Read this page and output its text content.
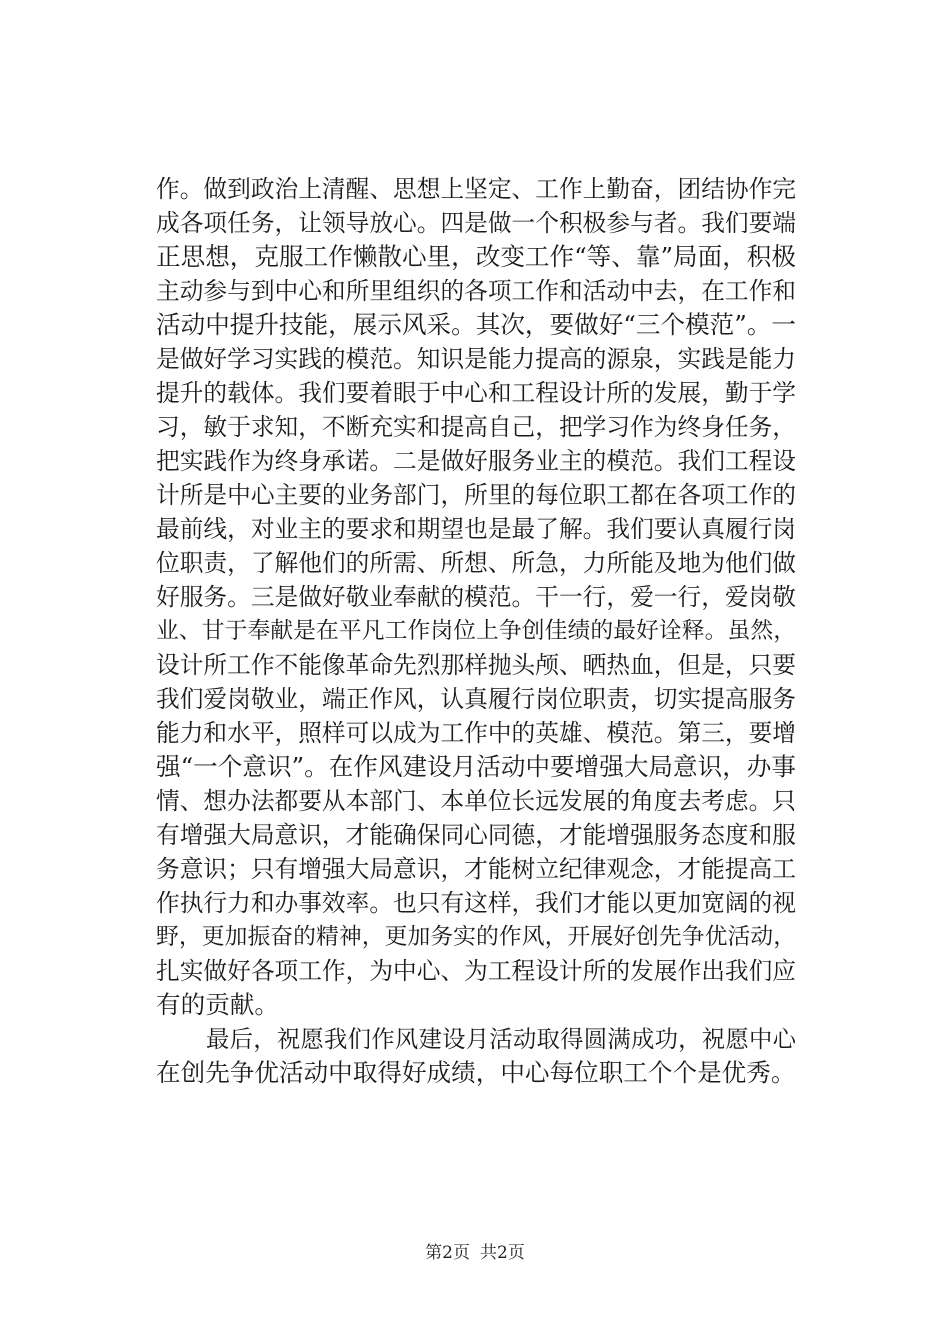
作。做到政治上清醒、思想上坚定、工作上勤奋，团结协作完
成各项任务，让领导放心。四是做一个积极参与者。我们要端
正思想，克服工作懒散心里，改变工作“等、靠”局面，积极
主动参与到中心和所里组织的各项工作和活动中去，在工作和
活动中提升技能，展示风采。其次，要做好“三个模范”。一
是做好学习实践的模范。知识是能力提高的源泉，实践是能力
提升的载体。我们要着眼于中心和工程设计所的发展，勤于学
习，敏于求知，不断充实和提高自己，把学习作为终身任务，
把实践作为终身承诺。二是做好服务业主的模范。我们工程设
计所是中心主要的业务部门，所里的每位职工都在各项工作的
最前线，对业主的要求和期望也是最了解。我们要认真履行岗
位职责，了解他们的所需、所想、所急，力所能及地为他们做
好服务。三是做好敬业奉献的模范。干一行，爱一行，爱岗敬
业、甘于奉献是在平凡工作岗位上争创佳绩的最好诠释。虽然，
设计所工作不能像革命先烈那样抛头颅、晒热血，但是，只要
我们爱岗敬业，端正作风，认真履行岗位职责，切实提高服务
能力和水平，照样可以成为工作中的英雄、模范。第三，要增
强“一个意识”。在作风建设月活动中要增强大局意识，办事
情、想办法都要从本部门、本单位长远发展的角度去考虑。只
有增强大局意识，才能确保同心同德，才能增强服务态度和服
务意识；只有增强大局意识，才能树立纪律观念，才能提高工
作执行力和办事效率。也只有这样，我们才能以更加宽阔的视
野，更加振奋的精神，更加务实的作风，开展好创先争优活动，
扎实做好各项工作，为中心、为工程设计所的发展作出我们应
有的贡献。
最后，祝愿我们作风建设月活动取得圆满成功，祝愿中心
在创先争优活动中取得好成绩，中心每位职工个个是优秀。
第2页 共2页
